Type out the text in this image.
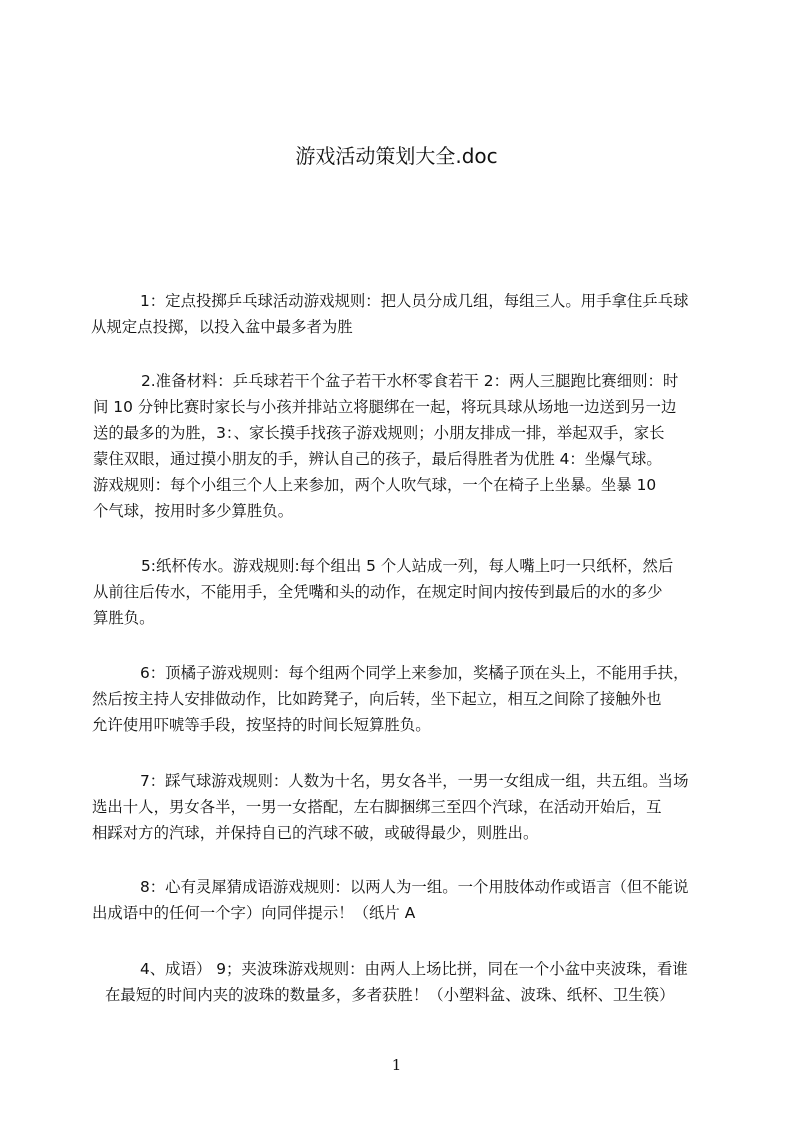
游戏活动策划大全.doc
1：定点投掷乒乓球活动游戏规则：把人员分成几组，每组三人。用手拿住乒乓球
从规定点投掷，以投入盆中最多者为胜
2.准备材料：乒乓球若干个盆子若干水杯零食若干 2：两人三腿跑比赛细则：时
间 10 分钟比赛时家长与小孩并排站立将腿绑在一起，将玩具球从场地一边送到另一边
送的最多的为胜，3：、家长摸手找孩子游戏规则；小朋友排成一排，举起双手，家长
蒙住双眼，通过摸小朋友的手，辨认自己的孩子，最后得胜者为优胜 4：坐爆气球。
游戏规则：每个小组三个人上来参加，两个人吹气球，一个在椅子上坐暴。坐暴 10
个气球，按用时多少算胜负。
5:纸杯传水。游戏规则:每个组出 5 个人站成一列，每人嘴上叼一只纸杯，然后
从前往后传水，不能用手，全凭嘴和头的动作，在规定时间内按传到最后的水的多少
算胜负。
6：顶橘子游戏规则：每个组两个同学上来参加，奖橘子顶在头上，不能用手扶，
然后按主持人安排做动作，比如跨凳子，向后转，坐下起立，相互之间除了接触外也
允许使用吓唬等手段，按坚持的时间长短算胜负。
7：踩气球游戏规则：人数为十名，男女各半，一男一女组成一组，共五组。当场
选出十人，男女各半，一男一女搭配，左右脚捆绑三至四个汽球，在活动开始后，互
相踩对方的汽球，并保持自已的汽球不破，或破得最少，则胜出。
8：心有灵犀猜成语游戏规则：以两人为一组。一个用肢体动作或语言（但不能说
出成语中的任何一个字）向同伴提示！（纸片 A
4、成语） 9；夹波珠游戏规则：由两人上场比拼，同在一个小盆中夹波珠，看谁
在最短的时间内夹的波珠的数量多，多者获胜！（小塑料盆、波珠、纸杯、卫生筷）
1
